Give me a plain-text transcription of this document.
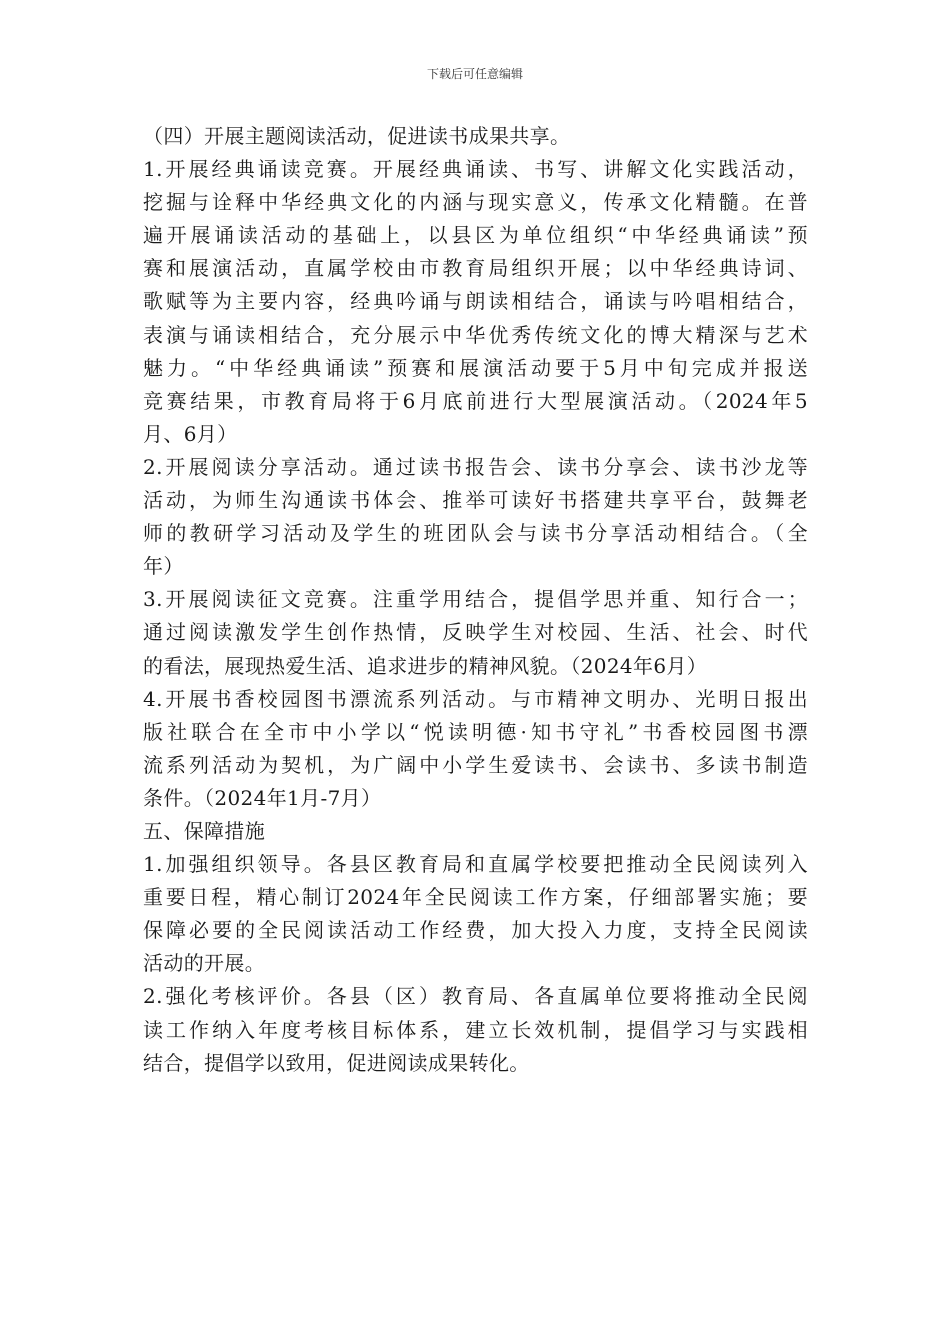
下载后可任意编辑
（四）开展主题阅读活动，促进读书成果共享。
1.开展经典诵读竞赛。开展经典诵读、书写、讲解文化实践活动，
挖掘与诠释中华经典文化的内涵与现实意义，传承文化精髓。在普
遍开展诵读活动的基础上，以县区为单位组织“中华经典诵读”预
赛和展演活动，直属学校由市教育局组织开展；以中华经典诗词、
歌赋等为主要内容，经典吟诵与朗读相结合，诵读与吟唱相结合，
表演与诵读相结合，充分展示中华优秀传统文化的博大精深与艺术
魅力。“中华经典诵读”预赛和展演活动要于5月中旬完成并报送
竞赛结果，市教育局将于6月底前进行大型展演活动。（2024年5
月、6月）
2.开展阅读分享活动。通过读书报告会、读书分享会、读书沙龙等
活动，为师生沟通读书体会、推举可读好书搭建共享平台，鼓舞老
师的教研学习活动及学生的班团队会与读书分享活动相结合。（全
年）
3.开展阅读征文竞赛。注重学用结合，提倡学思并重、知行合一；
通过阅读激发学生创作热情，反映学生对校园、生活、社会、时代
的看法，展现热爱生活、追求进步的精神风貌。（2024年6月）
4.开展书香校园图书漂流系列活动。与市精神文明办、光明日报出
版社联合在全市中小学以“悦读明德·知书守礼”书香校园图书漂
流系列活动为契机，为广阔中小学生爱读书、会读书、多读书制造
条件。（2024年1月-7月）
五、保障措施
1.加强组织领导。各县区教育局和直属学校要把推动全民阅读列入
重要日程，精心制订2024年全民阅读工作方案，仔细部署实施；要
保障必要的全民阅读活动工作经费，加大投入力度，支持全民阅读
活动的开展。
2.强化考核评价。各县（区）教育局、各直属单位要将推动全民阅
读工作纳入年度考核目标体系，建立长效机制，提倡学习与实践相
结合，提倡学以致用，促进阅读成果转化。
